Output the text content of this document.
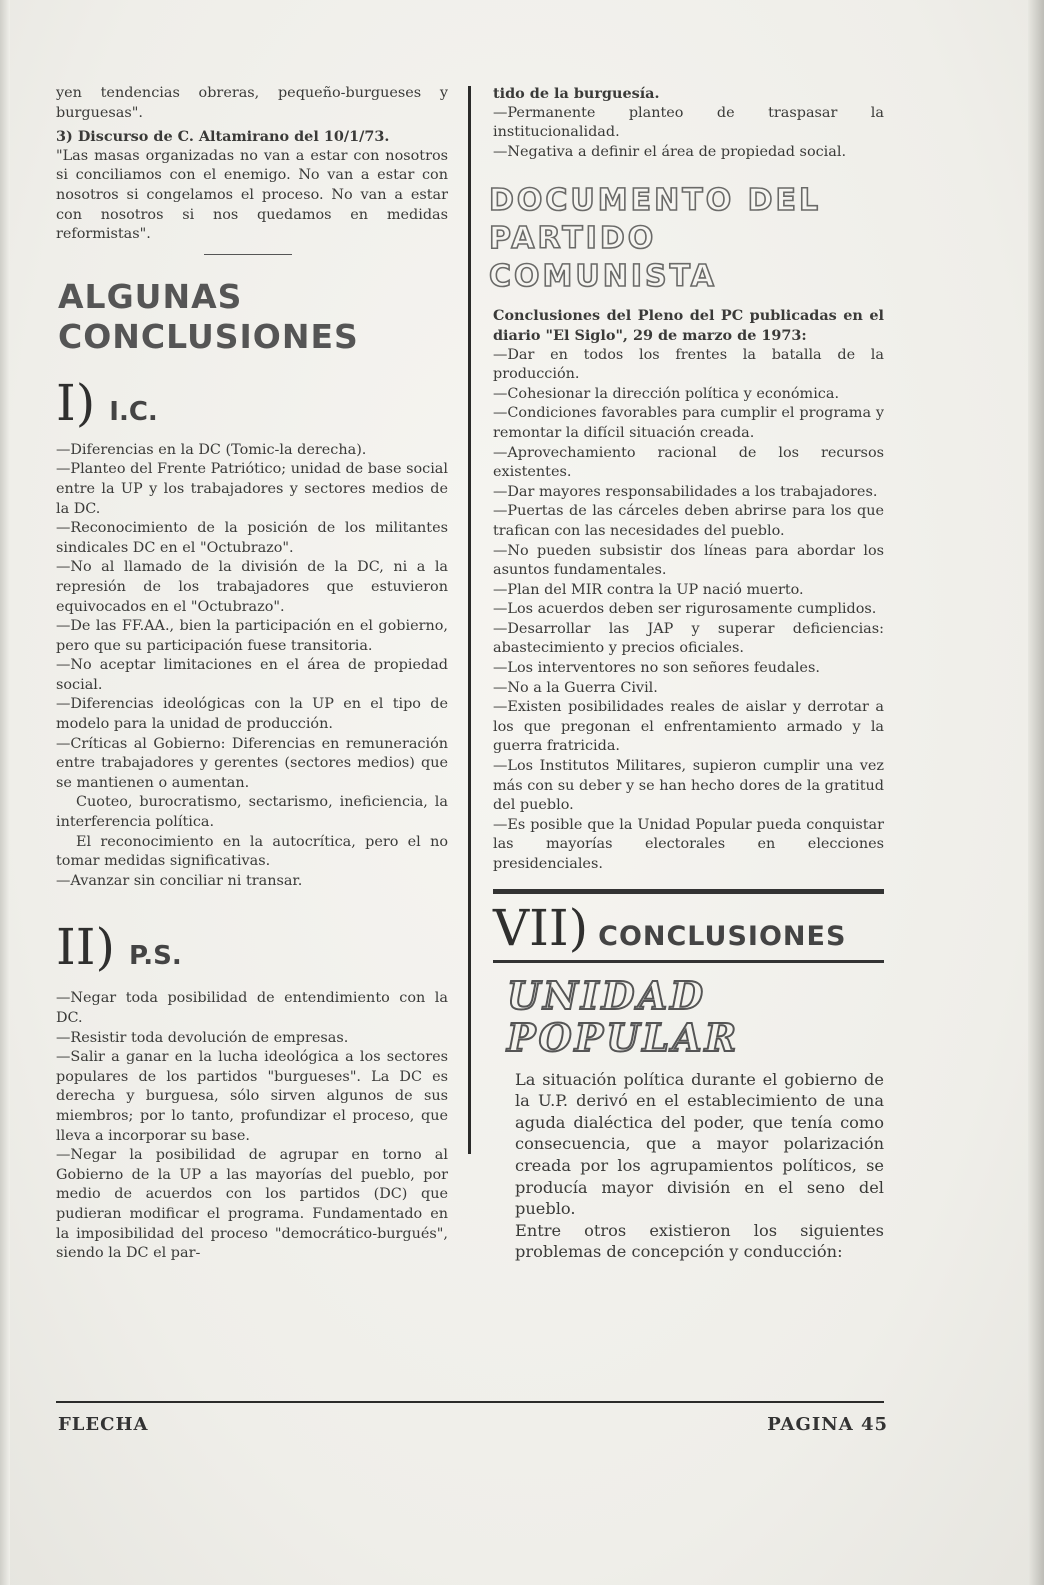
yen tendencias obreras, pequeño-burgueses y burguesas".

3) Discurso de C. Altamirano del 10/1/73.

"Las masas organizadas no van a estar con nosotros si conciliamos con el enemigo. No van a estar con nosotros si congelamos el proceso. No van a estar con nosotros si nos quedamos en medidas reformistas".

ALGUNAS CONCLUSIONES
I) I.C.

—Diferencias en la DC (Tomic-la derecha).

—Planteo del Frente Patriótico; unidad de base social entre la UP y los trabajadores y sectores medios de la DC.

—Reconocimiento de la posición de los militantes sindicales DC en el "Octubrazo".

—No al llamado de la división de la DC, ni a la represión de los trabajadores que estuvieron equivocados en el "Octubrazo".

—De las FF.AA., bien la participación en el gobierno, pero que su participación fuese transitoria.

—No aceptar limitaciones en el área de propiedad social.

—Diferencias ideológicas con la UP en el tipo de modelo para la unidad de producción.

—Críticas al Gobierno: Diferencias en remuneración entre trabajadores y gerentes (sectores medios) que se mantienen o aumentan.

Cuoteo, burocratismo, sectarismo, ineficiencia, la interferencia política.

El reconocimiento en la autocrítica, pero el no tomar medidas significativas.

—Avanzar sin conciliar ni transar.

II) P.S.

—Negar toda posibilidad de entendimiento con la DC.

—Resistir toda devolución de empresas.

—Salir a ganar en la lucha ideológica a los sectores populares de los partidos "burgueses". La DC es derecha y burguesa, sólo sirven algunos de sus miembros; por lo tanto, profundizar el proceso, que lleva a incorporar su base.

—Negar la posibilidad de agrupar en torno al Gobierno de la UP a las mayorías del pueblo, por medio de acuerdos con los partidos (DC) que pudieran modificar el programa. Fundamentado en la imposibilidad del proceso "democrático-burgués", siendo la DC el par-

tido de la burguesía.

—Permanente planteo de traspasar la institucionalidad.

—Negativa a definir el área de propiedad social.

DOCUMENTO DEL
PARTIDO COMUNISTA

Conclusiones del Pleno del PC publicadas en el diario "El Siglo", 29 de marzo de 1973:

—Dar en todos los frentes la batalla de la producción.

—Cohesionar la dirección política y económica.

—Condiciones favorables para cumplir el programa y remontar la difícil situación creada.

—Aprovechamiento racional de los recursos existentes.

—Dar mayores responsabilidades a los trabajadores.

—Puertas de las cárceles deben abrirse para los que trafican con las necesidades del pueblo.

—No pueden subsistir dos líneas para abordar los asuntos fundamentales.

—Plan del MIR contra la UP nació muerto.

—Los acuerdos deben ser rigurosamente cumplidos.

—Desarrollar las JAP y superar deficiencias: abastecimiento y precios oficiales.

—Los interventores no son señores feudales.

—No a la Guerra Civil.

—Existen posibilidades reales de aislar y derrotar a los que pregonan el enfrentamiento armado y la guerra fratricida.

—Los Institutos Militares, supieron cumplir una vez más con su deber y se han hecho dores de la gratitud del pueblo.

—Es posible que la Unidad Popular pueda conquistar las mayorías electorales en elecciones presidenciales.

VII) CONCLUSIONES
UNIDAD
POPULAR

La situación política durante el gobierno de la U.P. derivó en el establecimiento de una aguda dialéctica del poder, que tenía como consecuencia, que a mayor polarización creada por los agrupamientos políticos, se producía mayor división en el seno del pueblo.

Entre otros existieron los siguientes problemas de concepción y conducción:

FLECHA	PAGINA 45
